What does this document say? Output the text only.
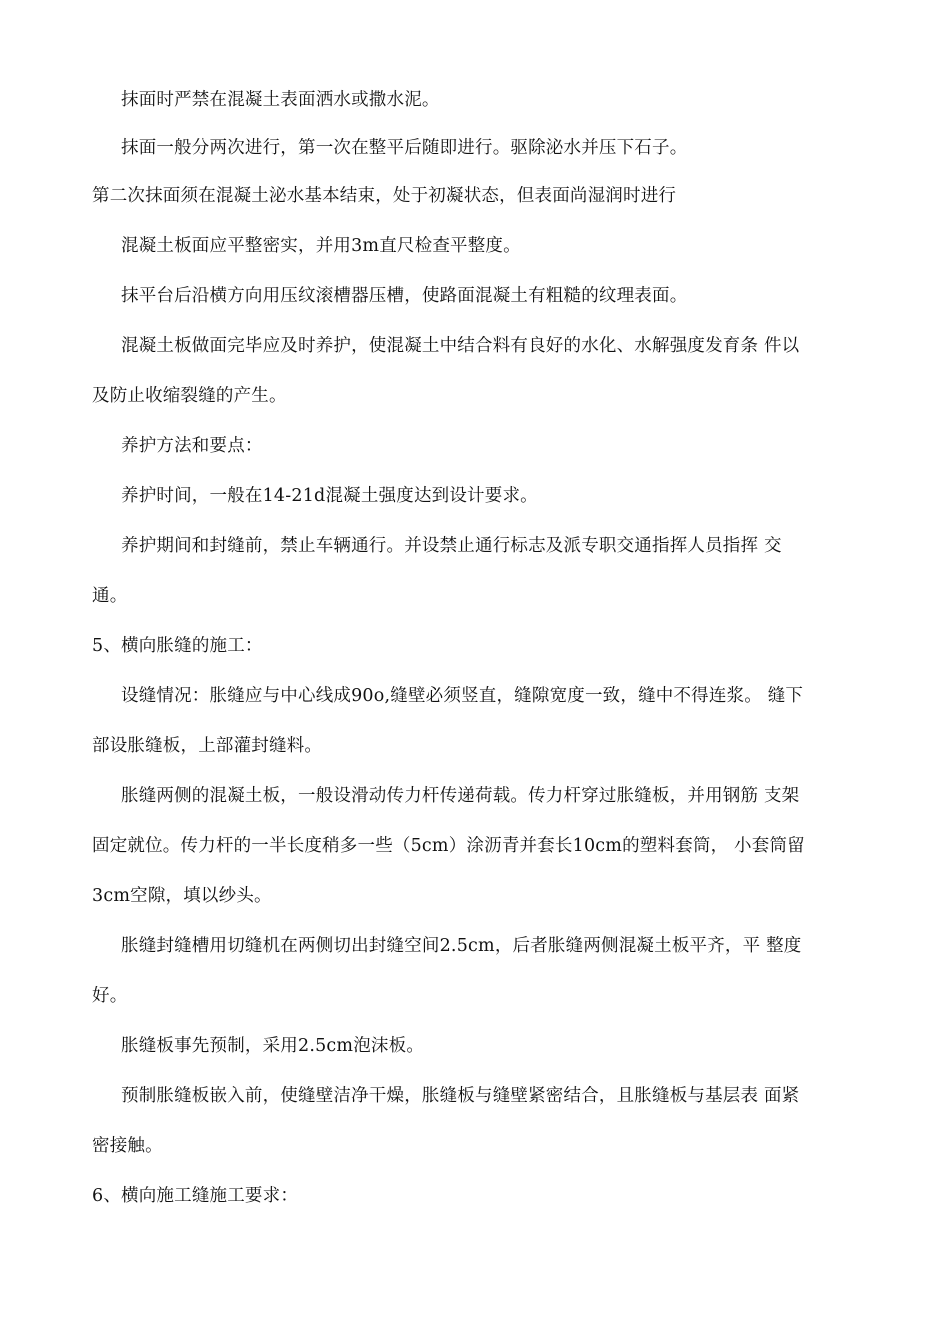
抹面时严禁在混凝土表面洒水或撒水泥。
抹面一般分两次进行，第一次在整平后随即进行。驱除泌水并压下石子。
第二次抹面须在混凝土泌水基本结束，处于初凝状态，但表面尚湿润时进行
混凝土板面应平整密实，并用3m直尺检查平整度。
抹平台后沿横方向用压纹滚槽器压槽，使路面混凝土有粗糙的纹理表面。
混凝土板做面完毕应及时养护，使混凝土中结合料有良好的水化、水解强度发育条 件以
及防止收缩裂缝的产生。
养护方法和要点：
养护时间，一般在14-21d混凝土强度达到设计要求。
养护期间和封缝前，禁止车辆通行。并设禁止通行标志及派专职交通指挥人员指挥 交
通。
5、横向胀缝的施工：
设缝情况：胀缝应与中心线成90o,缝壁必须竖直，缝隙宽度一致，缝中不得连浆。 缝下
部设胀缝板，上部灌封缝料。
胀缝两侧的混凝土板，一般设滑动传力杆传递荷载。传力杆穿过胀缝板，并用钢筋 支架
固定就位。传力杆的一半长度稍多一些（5cm）涂沥青并套长10cm的塑料套筒， 小套筒留
3cm空隙，填以纱头。
胀缝封缝槽用切缝机在两侧切出封缝空间2.5cm，后者胀缝两侧混凝土板平齐，平 整度
好。
胀缝板事先预制，采用2.5cm泡沫板。
预制胀缝板嵌入前，使缝壁洁净干燥，胀缝板与缝壁紧密结合，且胀缝板与基层表 面紧
密接触。
6、横向施工缝施工要求：
